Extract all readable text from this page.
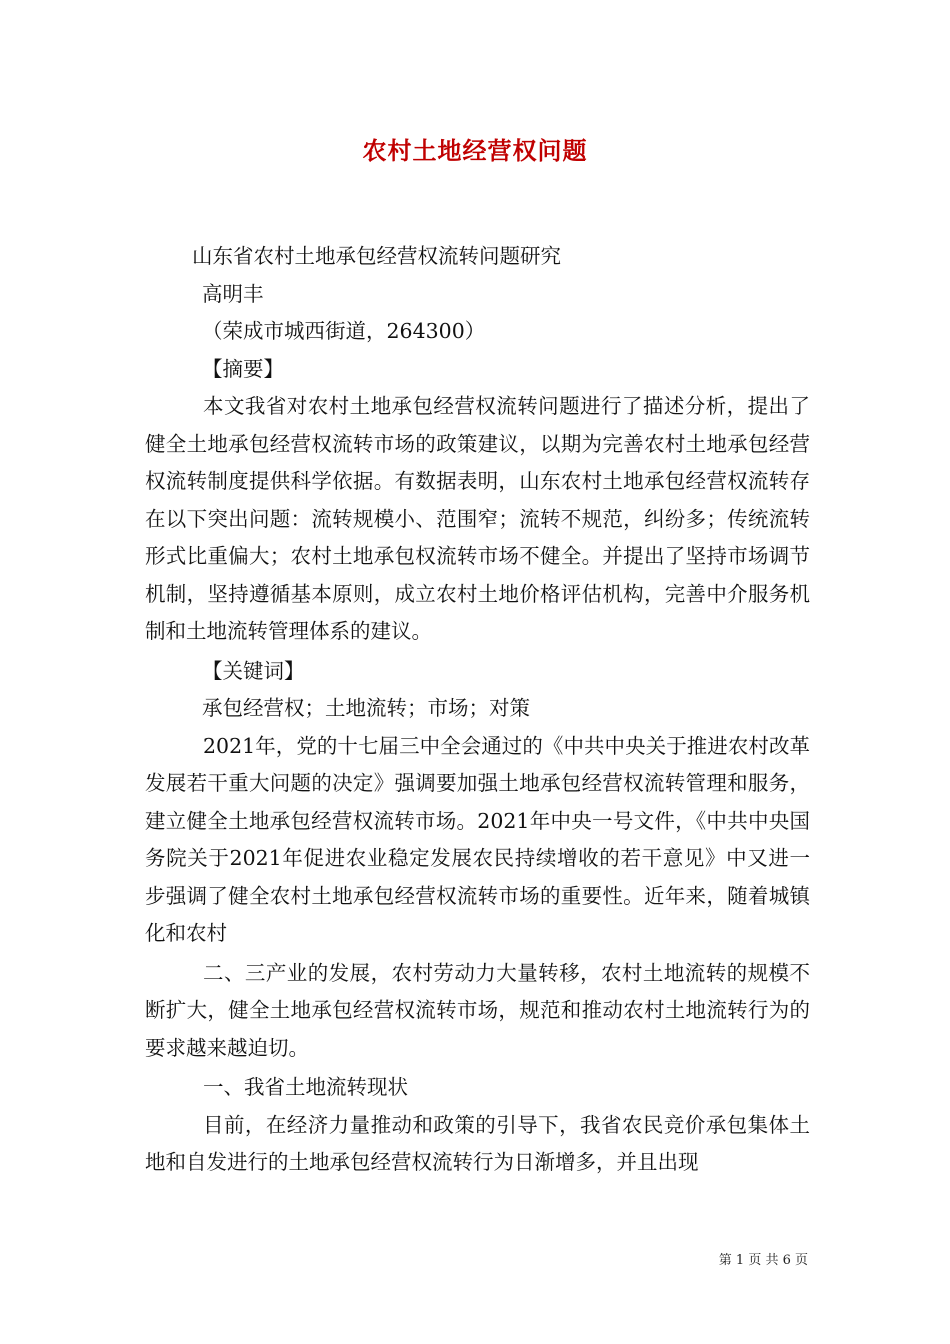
农村土地经营权问题

山东省农村土地承包经营权流转问题研究

高明丰

（荣成市城西街道，264300）

【摘要】

本文我省对农村土地承包经营权流转问题进行了描述分析，提出了健全土地承包经营权流转市场的政策建议，以期为完善农村土地承包经营权流转制度提供科学依据。有数据表明，山东农村土地承包经营权流转存在以下突出问题：流转规模小、范围窄；流转不规范，纠纷多；传统流转形式比重偏大；农村土地承包权流转市场不健全。并提出了坚持市场调节机制，坚持遵循基本原则，成立农村土地价格评估机构，完善中介服务机制和土地流转管理体系的建议。

【关键词】

承包经营权；土地流转；市场；对策

2021年，党的十七届三中全会通过的《中共中央关于推进农村改革发展若干重大问题的决定》强调要加强土地承包经营权流转管理和服务，建立健全土地承包经营权流转市场。2021年中央一号文件，《中共中央国务院关于2021年促进农业稳定发展农民持续增收的若干意见》中又进一步强调了健全农村土地承包经营权流转市场的重要性。近年来，随着城镇化和农村

二、三产业的发展，农村劳动力大量转移，农村土地流转的规模不断扩大，健全土地承包经营权流转市场，规范和推动农村土地流转行为的要求越来越迫切。

一、我省土地流转现状

目前，在经济力量推动和政策的引导下，我省农民竞价承包集体土地和自发进行的土地承包经营权流转行为日渐增多，并且出现

第 1 页 共 6 页
